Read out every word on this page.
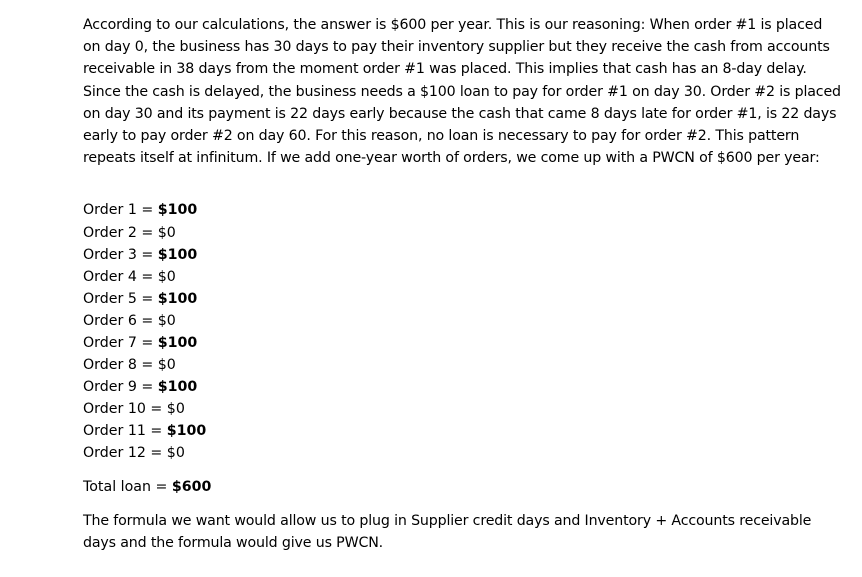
According to our calculations, the answer is $600 per year. This is our reasoning: When order #1 is placed
on day 0, the business has 30 days to pay their inventory supplier but they receive the cash from accounts
receivable in 38 days from the moment order #1 was placed. This implies that cash has an 8-day delay.
Since the cash is delayed, the business needs a $100 loan to pay for order #1 on day 30. Order #2 is placed
on day 30 and its payment is 22 days early because the cash that came 8 days late for order #1, is 22 days
early to pay order #2 on day 60. For this reason, no loan is necessary to pay for order #2. This pattern
repeats itself at infinitum. If we add one-year worth of orders, we come up with a PWCN of $600 per year:

Order 1 = $100
Order 2 = $0
Order 3 = $100
Order 4 = $0
Order 5 = $100
Order 6 = $0
Order 7 = $100
Order 8 = $0
Order 9 = $100
Order 10 = $0
Order 11 = $100
Order 12 = $0
Total loan = $600

The formula we want would allow us to plug in Supplier credit days and Inventory + Accounts receivable
days and the formula would give us PWCN.
